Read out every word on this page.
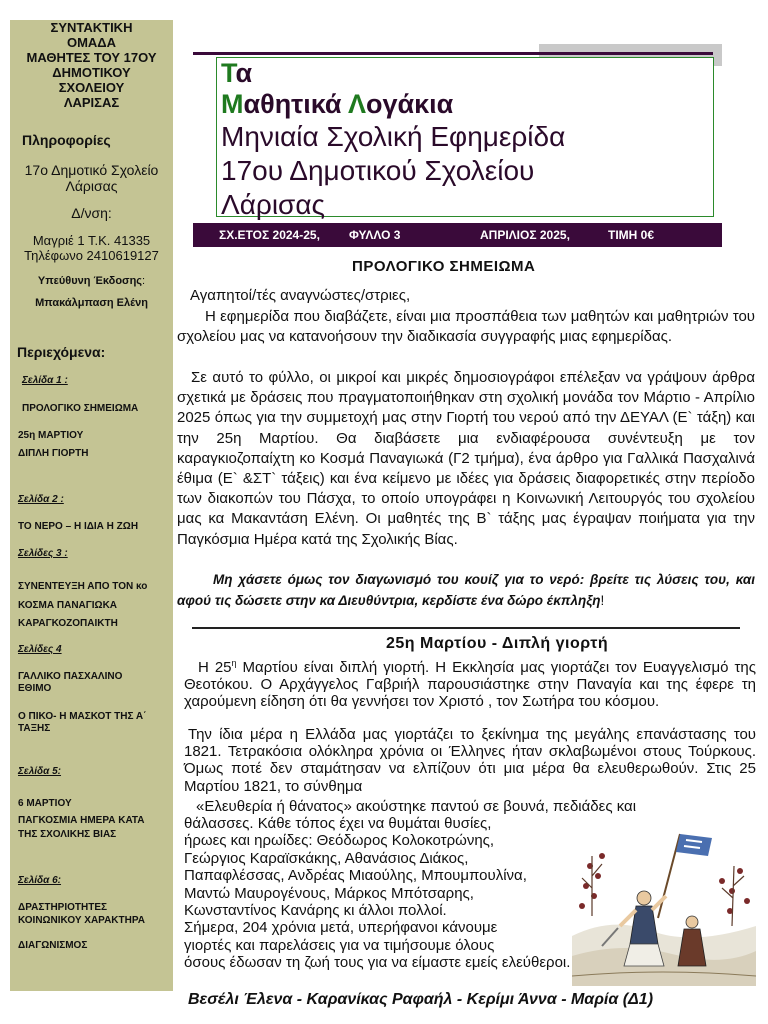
ΣΥΝΤΑΚΤΙΚΗ
ΟΜΑΔΑ
ΜΑΘΗΤΕΣ ΤΟΥ 17ΟΥ
ΔΗΜΟΤΙΚΟΥ
ΣΧΟΛΕΙΟΥ
ΛΑΡΙΣΑΣ
Πληροφορίες
17ο Δημοτικό Σχολείο
Λάρισας
Δ/νση:
Μαγριέ 1 Τ.Κ. 41335
Τηλέφωνο 2410619127
Υπεύθυνη Έκδοσης:
Μπακάλμπαση Ελένη
Περιεχόμενα:
Σελίδα 1 :
ΠΡΟΛΟΓΙΚΟ ΣΗΜΕΙΩΜΑ
25η ΜΑΡΤΙΟΥ
ΔΙΠΛΗ ΓΙΟΡΤΗ
Σελίδα 2 :
ΤΟ ΝΕΡΟ – Η ΙΔΙΑ Η ΖΩΗ
Σελίδες 3 :
ΣΥΝΕΝΤΕΥΞΗ ΑΠΟ ΤΟΝ κο
ΚΟΣΜΑ ΠΑΝΑΓΙΩΚΑ
ΚΑΡΑΓΚΟΖΟΠΑΙΚΤΗ
Σελίδες 4
ΓΑΛΛΙΚΟ ΠΑΣΧΑΛΙΝΟ
ΕΘΙΜΟ
Ο ΠΙΚΟ- Η ΜΑΣΚΟΤ ΤΗΣ Α΄
ΤΑΞΗΣ
Σελίδα 5:
6 ΜΑΡΤΙΟΥ
ΠΑΓΚΟΣΜΙΑ ΗΜΕΡΑ ΚΑΤΑ
ΤΗΣ ΣΧΟΛΙΚΗΣ ΒΙΑΣ
Σελίδα 6:
ΔΡΑΣΤΗΡΙΟΤΗΤΕΣ
ΚΟΙΝΩΝΙΚΟΥ ΧΑΡΑΚΤΗΡΑ
ΔΙΑΓΩΝΙΣΜΟΣ
Τα
Μαθητικά Λογάκια
Μηνιαία Σχολική Εφημερίδα
17ου Δημοτικού Σχολείου
Λάρισας
ΣΧ.ΕΤΟΣ 2024-25, ΦΥΛΛΟ 3	ΑΠΡΙΛΙΟΣ 2025,	ΤΙΜΗ 0€
ΠΡΟΛΟΓΙΚΟ ΣΗΜΕΙΩΜΑ
Αγαπητοί/τές αναγνώστες/στριες,
Η εφημερίδα που διαβάζετε, είναι μια προσπάθεια των μαθητών και μαθητριών του σχολείου μας να κατανοήσουν την διαδικασία συγγραφής μιας εφημερίδας.
Σε αυτό το φύλλο, οι μικροί και μικρές δημοσιογράφοι επέλεξαν να γράψουν άρθρα σχετικά με δράσεις που πραγματοποιήθηκαν στη σχολική μονάδα τον Μάρτιο - Απρίλιο 2025 όπως για την συμμετοχή μας στην Γιορτή του νερού από την ΔΕΥΑΛ (Ε` τάξη) και την 25η Μαρτίου. Θα διαβάσετε μια ενδιαφέρουσα συνέντευξη με τον καραγκιοζοπαίχτη κο Κοσμά Παναγιωκά (Γ2 τμήμα), ένα άρθρο για Γαλλικά Πασχαλινά έθιμα (Ε` &ΣΤ` τάξεις) και ένα κείμενο με ιδέες για δράσεις διαφορετικές στην περίοδο των διακοπών του Πάσχα, το οποίο υπογράφει η Κοινωνική Λειτουργός του σχολείου μας κα Μακαντάση Ελένη. Οι μαθητές της Β` τάξης μας έγραψαν ποιήματα για την Παγκόσμια Ημέρα κατά της Σχολικής Βίας.
Μη χάσετε όμως τον διαγωνισμό του κουίζ για το νερό: βρείτε τις λύσεις του, και αφού τις δώσετε στην κα Διευθύντρια, κερδίστε ένα δώρο έκπληξη!
25η Μαρτίου - Διπλή γιορτή
Η $25^\eta$ Μαρτίου είναι διπλή γιορτή. Η Εκκλησία μας γιορτάζει τον Ευαγγελισμό της Θεοτόκου. Ο Αρχάγγελος Γαβριήλ παρουσιάστηκε στην Παναγία και της έφερε τη χαρούμενη είδηση ότι θα γεννήσει τον Χριστό , τον Σωτήρα του κόσμου.
Την ίδια μέρα η Ελλάδα μας γιορτάζει το ξεκίνημα της μεγάλης επανάστασης του 1821. Τετρακόσια ολόκληρα χρόνια οι Έλληνες ήταν σκλαβωμένοι στους Τούρκους. Όμως ποτέ δεν σταμάτησαν να ελπίζουν ότι μια μέρα θα ελευθερωθούν. Στις 25 Μαρτίου 1821, το σύνθημα
«Ελευθερία ή θάνατος» ακούστηκε παντού σε βουνά, πεδιάδες και
θάλασσες. Κάθε τόπος έχει να θυμάται θυσίες,
ήρωες και ηρωίδες: Θεόδωρος Κολοκοτρώνης,
Γεώργιος Καραϊσκάκης, Αθανάσιος Διάκος,
Παπαφλέσσας, Ανδρέας Μιαούλης, Μπουμπουλίνα,
Μαντώ Μαυρογένους, Μάρκος Μπότσαρης,
Κωνσταντίνος Κανάρης κι άλλοι πολλοί.
Σήμερα, 204 χρόνια μετά, υπερήφανοι κάνουμε
γιορτές και παρελάσεις για να τιμήσουμε όλους
όσους έδωσαν τη ζωή τους για να είμαστε εμείς ελεύθεροι.
Βεσέλι Έλενα - Καρανίκας Ραφαήλ - Κερίμι Άννα - Μαρία (Δ1)
